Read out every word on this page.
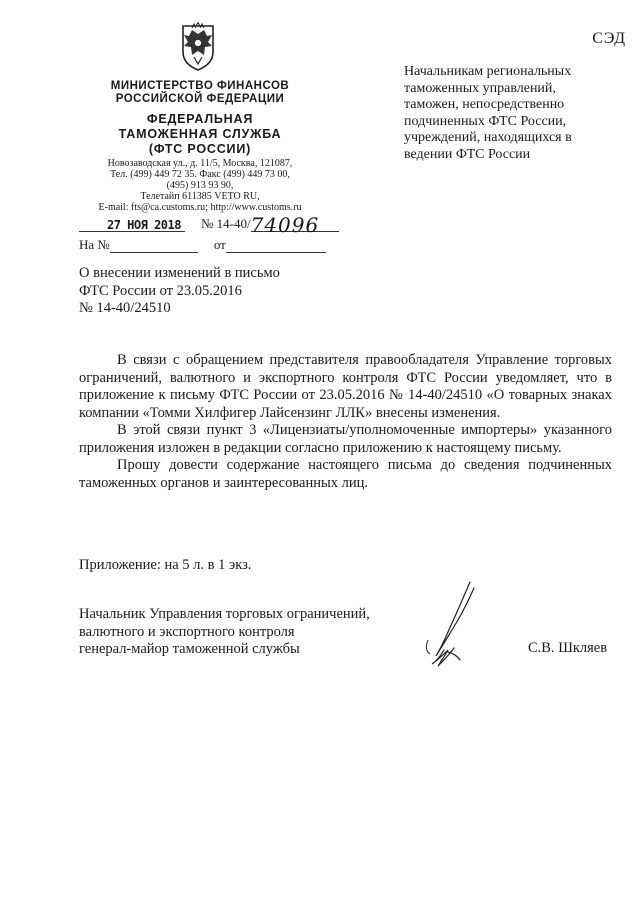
СЭД
МИНИСТЕРСТВО ФИНАНСОВ
РОССИЙСКОЙ ФЕДЕРАЦИИ
ФЕДЕРАЛЬНАЯ
ТАМОЖЕННАЯ СЛУЖБА
(ФТС РОССИИ)
Новозаводская ул., д. 11/5, Москва, 121087,
Тел. (499) 449 72 35. Факс (499) 449 73 00,
(495) 913 93 90,
Телетайп 611385 VETO RU,
E-mail: fts@ca.customs.ru; http://www.customs.ru
27 НОЯ 2018 № 14-40/74096
На №	от
Начальникам региональных
таможенных управлений,
таможен, непосредственно
подчиненных ФТС России,
учреждений, находящихся в
ведении ФТС России
О внесении изменений в письмо
ФТС России от 23.05.2016
№ 14-40/24510

В связи с обращением представителя правообладателя Управление торговых ограничений, валютного и экспортного контроля ФТС России уведомляет, что в приложение к письму ФТС России от 23.05.2016 № 14-40/24510 «О товарных знаках компании «Томми Хилфигер Лайсензинг ЛЛК» внесены изменения.

В этой связи пункт 3 «Лицензиаты/уполномоченные импортеры» указанного приложения изложен в редакции согласно приложению к настоящему письму.

Прошу довести содержание настоящего письма до сведения подчиненных таможенных органов и заинтересованных лиц.

Приложение: на 5 л. в 1 экз.
Начальник Управления торговых ограничений,
валютного и экспортного контроля
генерал-майор таможенной службы	С.В. Шкляев
